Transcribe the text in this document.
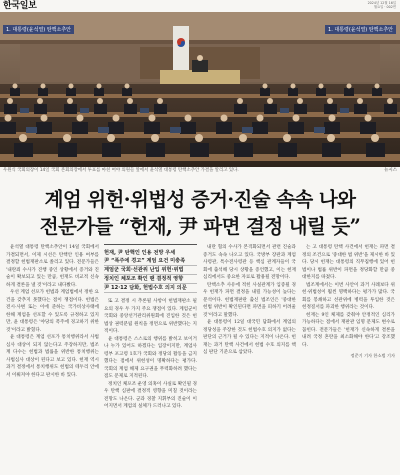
한국일보	2024년 12월 16일
월요일 · 002면
1. 대통령(윤석열) 탄핵소추안	1. 대통령(윤석열) 탄핵소추안
우원식 국회의장이 14일 국회 본회의장에서 투표를 마친 여야 의원들 앞에서 윤석열 대통령 탄핵소추안 가결을 알리고 있다.	뉴시스
계엄 위헌·위법성 증거·진술 속속 나와
전문가들 “헌재, 尹 파면 결정 내릴 듯”

윤석열 대통령 탄핵소추안이 14일 국회에서 가결되면서, 이제 시선은 탄핵안 인용 여부를 결정할 헌법재판소로 쏠리고 있다. 전문가들은 '내란죄 수사가 진행 중인 상황에서 증거와 진술이 확보되고 있는 만큼, 헌재도 비교적 신속하게 결론을 낼 것'이라고 내다봤다.

우선 계엄 선포가 헌법과 계엄법에서 정한 요건을 갖추지 못했다는 점이 쟁점이다. 헌법은 전시·사변 또는 이에 준하는 국가비상사태에 한해 계엄을 선포할 수 있도록 규정하고 있지만, 윤 대통령은 '야당의 폭주에 경고하기 위한 것'이라고 밝혔다.

윤 대통령은 계엄 선포가 통치행위라서 사법심사 대상이 되지 않는다고 주장하지만, 법조계 다수는 헌법과 법률을 위반한 통치행위는 사법심사 대상이 된다고 보고 있다. 헌재 역시 과거 결정에서 통치행위도 헌법의 테두리 안에서 이뤄져야 한다고 판시한 바 있다.

헌재, 尹 탄핵인 인용 전망 우세
尹 “폭주에 경고” 계엄 요건 미충족
계엄군 국회·선관위 난입 위헌·위법
정치인 체포조 확인 땐 결정적 영향
尹 12·12 담화, 헌법수호 의지 의문

또 고 결정 시 추론될 사항이 헌법재판소 필요의 경우 두 가지 주요 쟁점이 있다. 계엄군이 국회와 중앙선거관리위원회에 진입한 것은 헌법상 권력분립 원칙을 정면으로 위반했다는 지적이다.

윤 대통령은 스스로의 행위를 밝히고 보이거나 누가 있어도 하겠다는 입장이지만, 계엄사령부 포고령 1호가 국회와 정당의 활동을 금지했다는 점에서 위헌성이 명확하다는 평가다. 국회의 계엄 해제 요구권을 무력화하려 했다는 점도 문제로 지적된다.

정치인 체포조 운영 의혹이 사실로 확인될 경우 탄핵 심판에 결정적 영향을 미칠 것이라는 전망도 나온다. 군과 경찰 지휘부의 진술이 이어지면서 계엄의 실체가 드러나고 있다.

내란 혐의 수사가 본격화되면서 관련 진술과 증거도 속속 나오고 있다. 국방부 장관과 계엄사령관, 특수전사령관 등 핵심 관계자들이 국회에 출석해 당시 상황을 증언했고, 이는 헌재 심리에서도 중요한 자료로 활용될 전망이다.

탄핵소추 사유에 적힌 사실관계가 입증될 경우 헌재가 파면 결정을 내릴 가능성이 높다는 분석이다. 헌법재판관 출신 법조인은 '중대한 헌법 위반이 확인된다면 파면을 피하기 어려울 것'이라고 말했다.

윤 대통령이 12일 대국민 담화에서 계엄의 정당성을 주장한 것도 헌법수호 의지가 없다는 판단의 근거가 될 수 있다는 지적이 나온다. 헌재는 과거 탄핵 사건에서 헌법 수호 의지를 핵심 판단 기준으로 삼았다.

는 고 대통령 탄핵 사건에서 헌재는 파면 결정의 조건으로 '중대한 법 위반'을 제시한 바 있다. 당시 헌재는 대통령의 직무집행에 있어 헌법이나 법률 위반이 파면을 정당화할 만큼 중대한지를 따졌다.

법조계에서는 이번 사안이 과거 사례보다 위헌·위법성이 훨씬 명백하다는 평가가 많다. 국회를 봉쇄하고 선관위에 병력을 투입한 것은 헌정질서를 파괴한 행위라는 것이다.

헌재는 9인 체제를 갖춰야 안정적인 심리가 가능하다는 점에서 재판관 임명 문제도 변수로 꼽힌다. 전문가들은 '헌재가 신속하게 결론을 내려 국정 혼란을 최소화해야 한다'고 강조했다.

정준기 기자 한소범 기자
